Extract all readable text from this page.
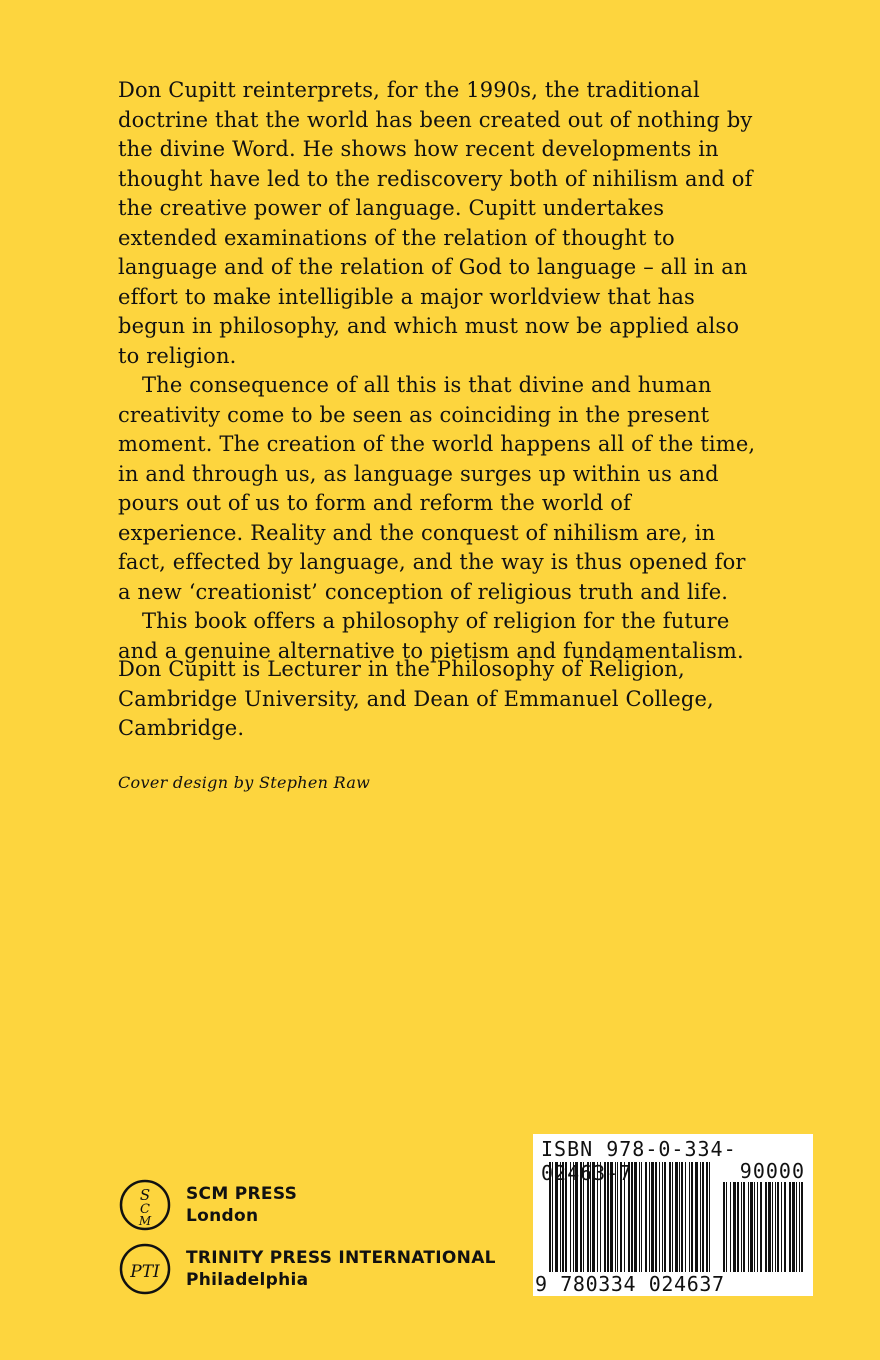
Don Cupitt reinterprets, for the 1990s, the traditional doctrine that the world has been created out of nothing by the divine Word. He shows how recent developments in thought have led to the rediscovery both of nihilism and of the creative power of language. Cupitt undertakes extended examinations of the relation of thought to language and of the relation of God to language – all in an effort to make intelligible a major worldview that has begun in philosophy, and which must now be applied also to religion.

The consequence of all this is that divine and human creativity come to be seen as coinciding in the present moment. The creation of the world happens all of the time, in and through us, as language surges up within us and pours out of us to form and reform the world of experience. Reality and the conquest of nihilism are, in fact, effected by language, and the way is thus opened for a new ‘creationist’ conception of religious truth and life.

This book offers a philosophy of religion for the future and a genuine alternative to pietism and fundamentalism.

Don Cupitt is Lecturer in the Philosophy of Religion, Cambridge University, and Dean of Emmanuel College, Cambridge.

Cover design by Stephen Raw
S
C
M
SCM PRESS
London
PTI
TRINITY PRESS INTERNATIONAL
Philadelphia
ISBN 978-0-334-02463-7	90000
9 780334 024637
